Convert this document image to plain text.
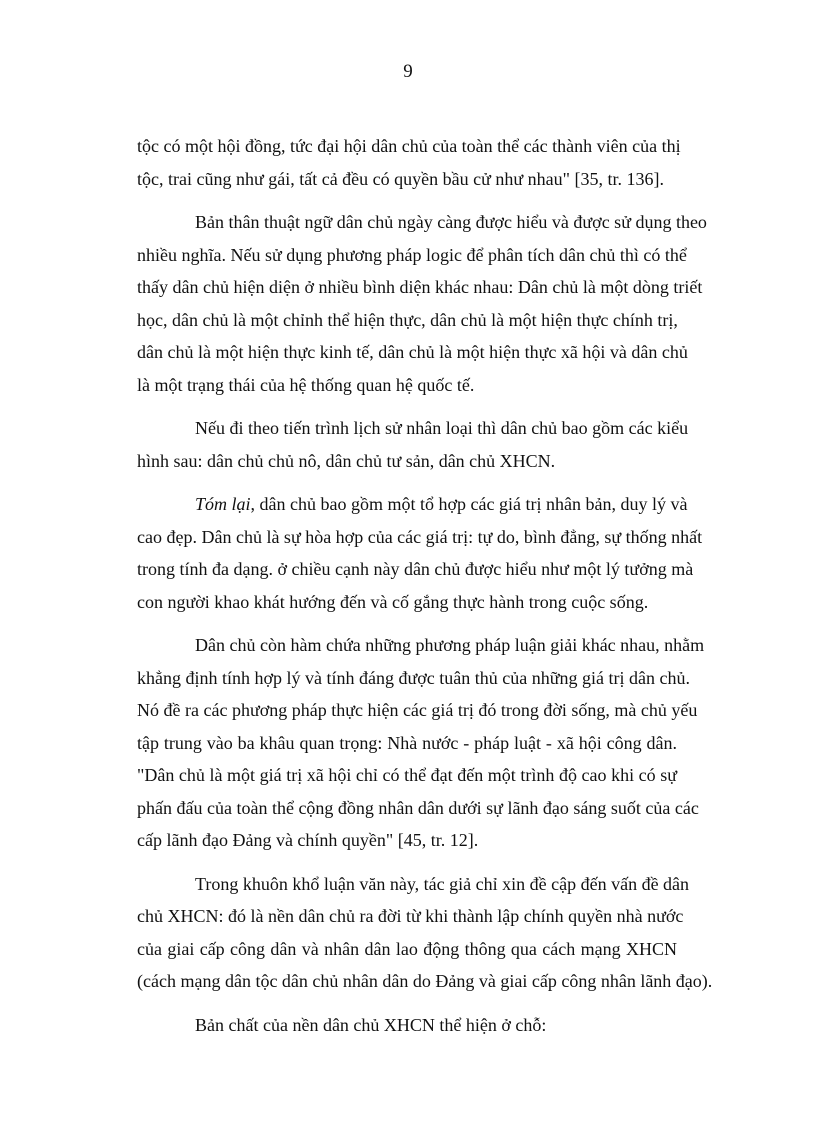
9

tộc có một hội đồng, tức đại hội dân chủ của toàn thể các thành viên của thị
tộc, trai cũng như gái, tất cả đều có quyền bầu cử như nhau" [35, tr. 136].

Bản thân thuật ngữ dân chủ ngày càng được hiểu và được sử dụng theo
nhiều nghĩa. Nếu sử dụng phương pháp logic để phân tích dân chủ thì có thể
thấy dân chủ hiện diện ở nhiều bình diện khác nhau: Dân chủ là một dòng triết
học, dân chủ là một chỉnh thể hiện thực, dân chủ là một hiện thực chính trị,
dân chủ là một hiện thực kinh tế, dân chủ là một hiện thực xã hội và dân chủ
là một trạng thái của hệ thống quan hệ quốc tế.

Nếu đi theo tiến trình lịch sử nhân loại thì dân chủ bao gồm các kiểu
hình sau: dân chủ chủ nô, dân chủ tư sản, dân chủ XHCN.

Tóm lại, dân chủ bao gồm một tổ hợp các giá trị nhân bản, duy lý và
cao đẹp. Dân chủ là sự hòa hợp của các giá trị: tự do, bình đẳng, sự thống nhất
trong tính đa dạng. ở chiều cạnh này dân chủ được hiểu như một lý tưởng mà
con người khao khát hướng đến và cố gắng thực hành trong cuộc sống.

Dân chủ còn hàm chứa những phương pháp luận giải khác nhau, nhằm
khẳng định tính hợp lý và tính đáng được tuân thủ của những giá trị dân chủ.
Nó đề ra các phương pháp thực hiện các giá trị đó trong đời sống, mà chủ yếu
tập trung vào ba khâu quan trọng: Nhà nước - pháp luật - xã hội công dân.
"Dân chủ là một giá trị xã hội chỉ có thể đạt đến một trình độ cao khi có sự
phấn đấu của toàn thể cộng đồng nhân dân dưới sự lãnh đạo sáng suốt của các
cấp lãnh đạo Đảng và chính quyền" [45, tr. 12].

Trong khuôn khổ luận văn này, tác giả chỉ xin đề cập đến vấn đề dân
chủ XHCN: đó là nền dân chủ ra đời từ khi thành lập chính quyền nhà nước
của giai cấp công dân và nhân dân lao động thông qua cách mạng XHCN
(cách mạng dân tộc dân chủ nhân dân do Đảng và giai cấp công nhân lãnh đạo).

Bản chất của nền dân chủ XHCN thể hiện ở chỗ:
